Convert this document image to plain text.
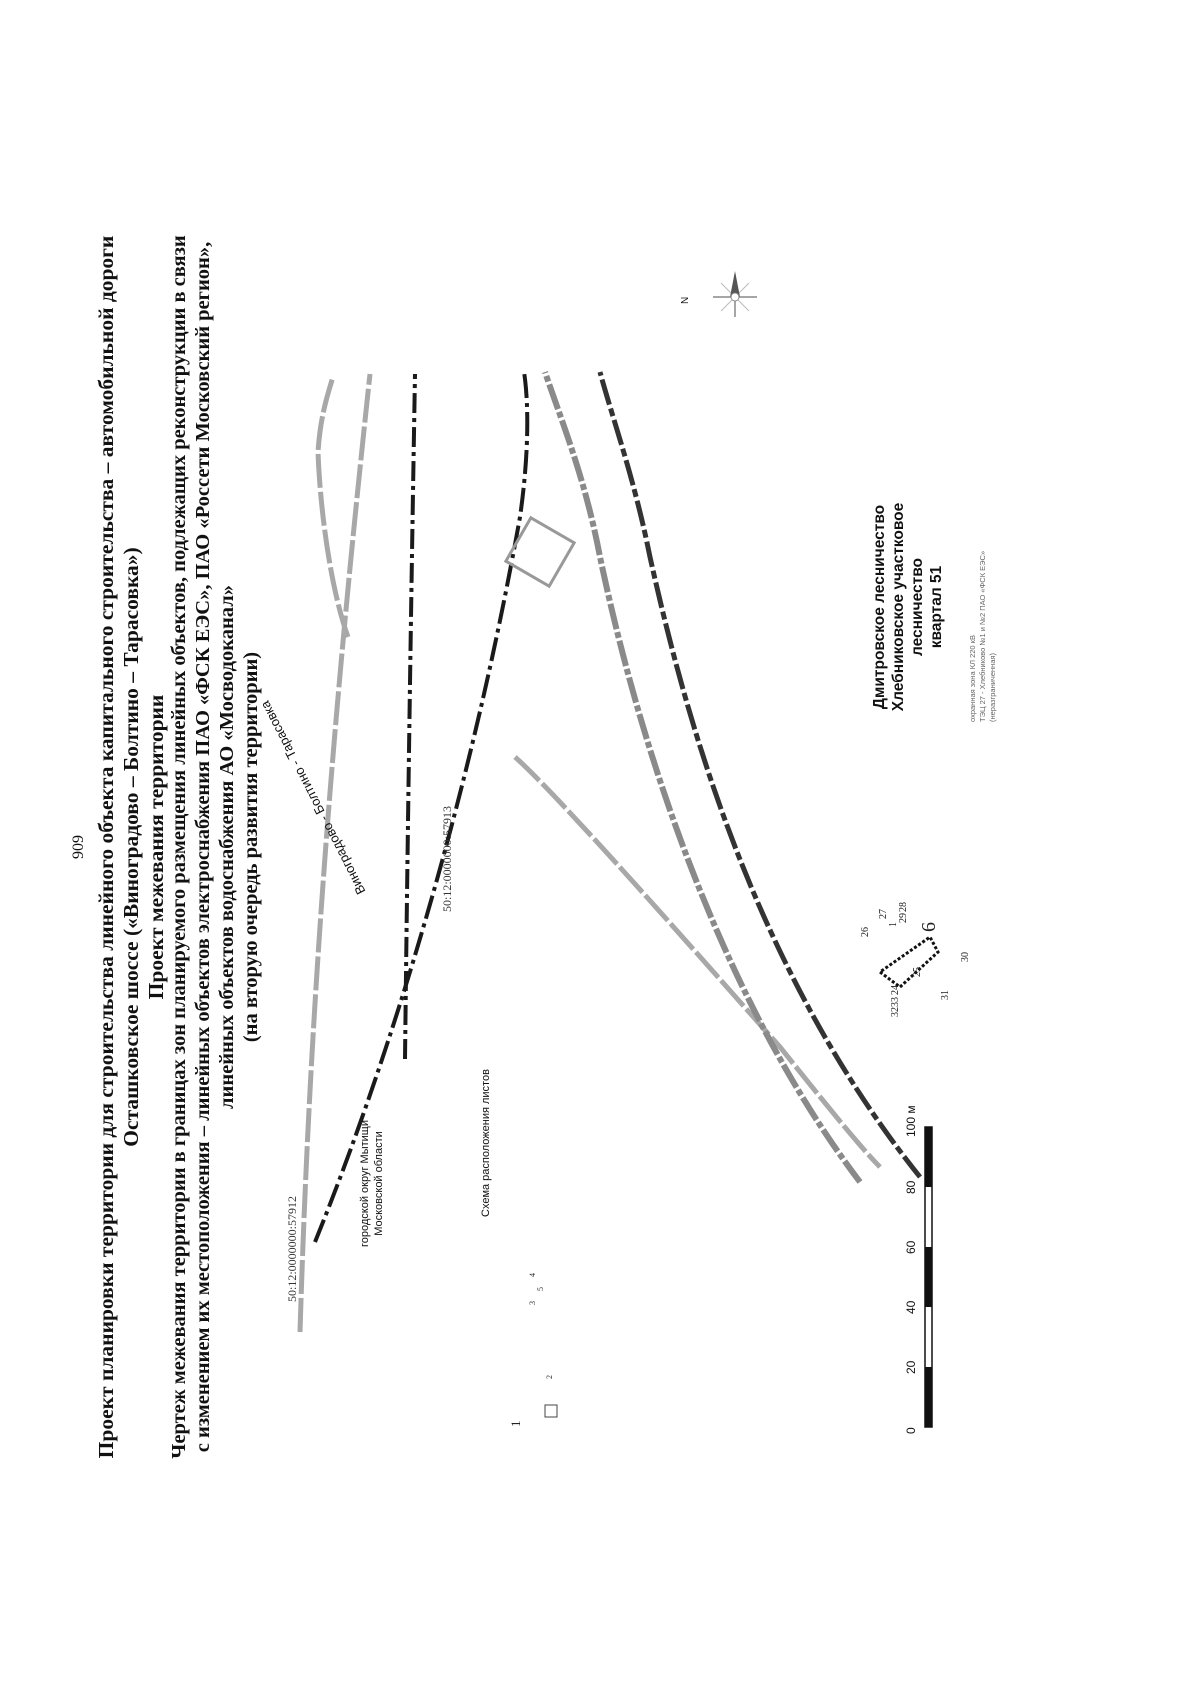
909 Проект планировки территории для строительства линейного объекта капитального строительства – автомобильной дороги Осташковское шоссе («Виноградово – Болтино – Тарасовка») Проект межевания территории Чертеж межевания территории в границах зон планируемого размещения линейных объектов, подлежащих реконструкции в связи с изменением их местоположения – линейных объектов электроснабжения ПАО «ФСК ЕЭС», ПАО «Россети Московский регион», линейных объектов водоснабжения АО «Мосводоканал» (на вторую очередь развития территории)
Виноградово - Болтино - Тарасовка	50:12:0000000:57913
50:12:0000000:57912
городской округ Мытищи Московской области	Схема расположения листов
1
2
3
4
5
Дмитровское лесничество Хлебниковское участковое лесничество квартал 51
охранная зона КЛ 220 кВ ТЭЦ 27 - Хлебниково №1 и №2 ПАО «ФСК ЕЭС» (неразграниченная)
6
26
27
28
29
1
25
24
33
32
31
30
N
0
20
40
60
80
100 м
